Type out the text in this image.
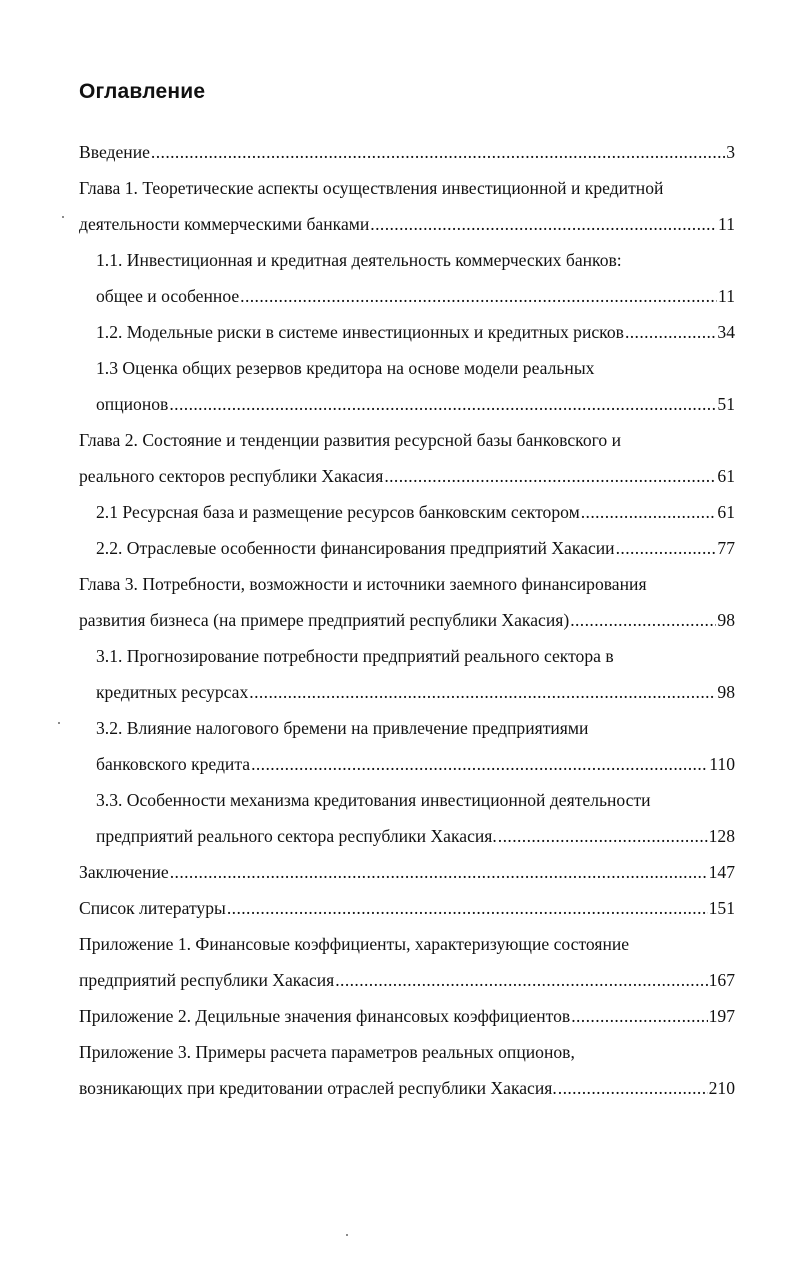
Оглавление
Введение .....	3
Глава 1. Теоретические аспекты осуществления инвестиционной и кредитной
деятельности коммерческими банками .....	11
1.1. Инвестиционная и кредитная деятельность коммерческих банков:
общее и особенное .....	11
1.2. Модельные риски в системе инвестиционных и кредитных рисков .....	34
1.3 Оценка общих резервов кредитора на основе модели реальных
опционов .....	51
Глава 2. Состояние и тенденции развития ресурсной базы банковского и
реального секторов республики Хакасия .....	61
2.1 Ресурсная база и размещение ресурсов банковским сектором .....	61
2.2. Отраслевые особенности финансирования предприятий Хакасии .....	77
Глава 3. Потребности, возможности и источники заемного финансирования
развития бизнеса (на примере предприятий республики Хакасия) .....	98
3.1. Прогнозирование потребности предприятий реального сектора в
кредитных ресурсах .....	98
3.2. Влияние налогового бремени на привлечение предприятиями
банковского кредита .....	110
3.3. Особенности механизма кредитования инвестиционной деятельности
предприятий реального сектора республики Хакасия. .....	128
Заключение .....	147
Список литературы .....	151
Приложение 1. Финансовые коэффициенты, характеризующие состояние
предприятий республики Хакасия .....	167
Приложение 2. Децильные значения финансовых коэффициентов .....	197
Приложение 3. Примеры расчета параметров реальных опционов,
возникающих при кредитовании отраслей республики Хакасия. .....	210
